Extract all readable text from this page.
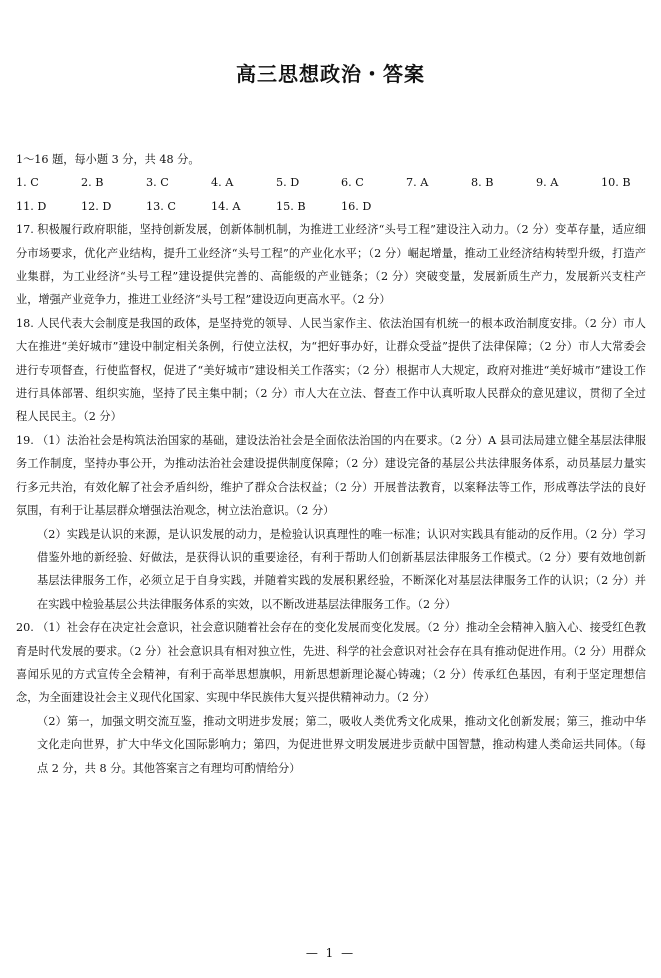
高三思想政治・答案

1～16 题，每小题 3 分，共 48 分。

1. C	2. B	3. C	4. A	5. D	6. C	7. A	8. B	9. A	10. B
11. D	12. D	13. C	14. A	15. B	16. D
17. 积极履行政府职能，坚持创新发展，创新体制机制，为推进工业经济“头号工程”建设注入动力。（2 分）变革存量，适应细分市场要求，优化产业结构，提升工业经济“头号工程”的产业化水平；（2 分）崛起增量，推动工业经济结构转型升级，打造产业集群，为工业经济“头号工程”建设提供完善的、高能级的产业链条；（2 分）突破变量，发展新质生产力，发展新兴支柱产业，增强产业竞争力，推进工业经济“头号工程”建设迈向更高水平。（2 分）
18. 人民代表大会制度是我国的政体，是坚持党的领导、人民当家作主、依法治国有机统一的根本政治制度安排。（2 分）市人大在推进“美好城市”建设中制定相关条例，行使立法权，为“把好事办好，让群众受益”提供了法律保障；（2 分）市人大常委会进行专项督查，行使监督权，促进了“美好城市”建设相关工作落实；（2 分）根据市人大规定，政府对推进“美好城市”建设工作进行具体部署、组织实施，坚持了民主集中制；（2 分）市人大在立法、督查工作中认真听取人民群众的意见建议，贯彻了全过程人民民主。（2 分）
19. （1）法治社会是构筑法治国家的基础，建设法治社会是全面依法治国的内在要求。（2 分）A 县司法局建立健全基层法律服务工作制度，坚持办事公开，为推动法治社会建设提供制度保障；（2 分）建设完备的基层公共法律服务体系，动员基层力量实行多元共治，有效化解了社会矛盾纠纷，维护了群众合法权益；（2 分）开展普法教育，以案释法等工作，形成尊法学法的良好氛围，有利于让基层群众增强法治观念，树立法治意识。（2 分）
（2）实践是认识的来源，是认识发展的动力，是检验认识真理性的唯一标准；认识对实践具有能动的反作用。（2 分）学习借鉴外地的新经验、好做法，是获得认识的重要途径，有利于帮助人们创新基层法律服务工作模式。（2 分）要有效地创新基层法律服务工作，必须立足于自身实践，并随着实践的发展积累经验，不断深化对基层法律服务工作的认识；（2 分）并在实践中检验基层公共法律服务体系的实效，以不断改进基层法律服务工作。（2 分）
20. （1）社会存在决定社会意识，社会意识随着社会存在的变化发展而变化发展。（2 分）推动全会精神入脑入心、接受红色教育是时代发展的要求。（2 分）社会意识具有相对独立性，先进、科学的社会意识对社会存在具有推动促进作用。（2 分）用群众喜闻乐见的方式宣传全会精神，有利于高举思想旗帜，用新思想新理论凝心铸魂；（2 分）传承红色基因，有利于坚定理想信念，为全面建设社会主义现代化国家、实现中华民族伟大复兴提供精神动力。（2 分）
（2）第一，加强文明交流互鉴，推动文明进步发展；第二，吸收人类优秀文化成果，推动文化创新发展；第三，推动中华文化走向世界，扩大中华文化国际影响力；第四，为促进世界文明发展进步贡献中国智慧，推动构建人类命运共同体。（每点 2 分，共 8 分。其他答案言之有理均可酌情给分）
— 1 —
